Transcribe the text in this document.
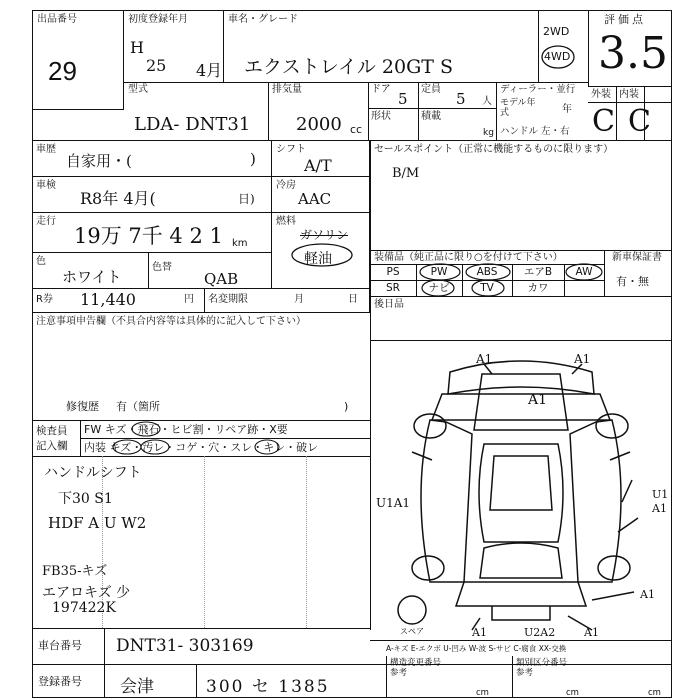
出品番号
29
初度登録年月
H
25 4月
車名・グレード
エクストレイル 20GT S
2WD
4WD
評価点
3.5
外装 内装
C C
型式
LDA- DNT31
排気量
2000 cc
ドア
5
定員
5 人
形状	積載
kg
ディーラー・並行
モデル年式	年
ハンドル 左・右
車歴
自家用・(	)
シフト
A/T
車検
R8年 4月(	日)
冷房
AAC
走行
19万 7千 4 2 1 km
燃料
ガソリン
軽油
色
ホワイト
色替
QAB
R券 11,440	円 名変期限	月	日
セールスポイント（正常に機能するものに限ります）
B/M
装備品（純正品に限り○を付けて下さい）	新車保証書
有・無
PS	PW	ABS	エアB	AW
SR	ナビ	TV	カワ
後日品
注意事項申告欄（不具合内容等は具体的に記入して下さい）
修復歴 有（箇所	)
検査員記入欄
FW キズ・飛石・ヒビ割・リペア跡・X要
内装 キズ・汚レ・コゲ・穴・スレ・キレ・破レ
ハンドルシフト
下30 S1
HDF A U W2
FB35-キズ
エアロキズ 少
197422K
A1	A1
A1
U1A1	A1
U1
A1
A1	U2A2	A1
スペア
A-キズ E-エクボ U-凹み W-波 S-サビ C-腐食 XX-交換
車台番号 DNT31- 303169
登録番号 会津	300 セ 1385
構造変更番号
参考
cm
類別区分番号
参考
cm	cm
